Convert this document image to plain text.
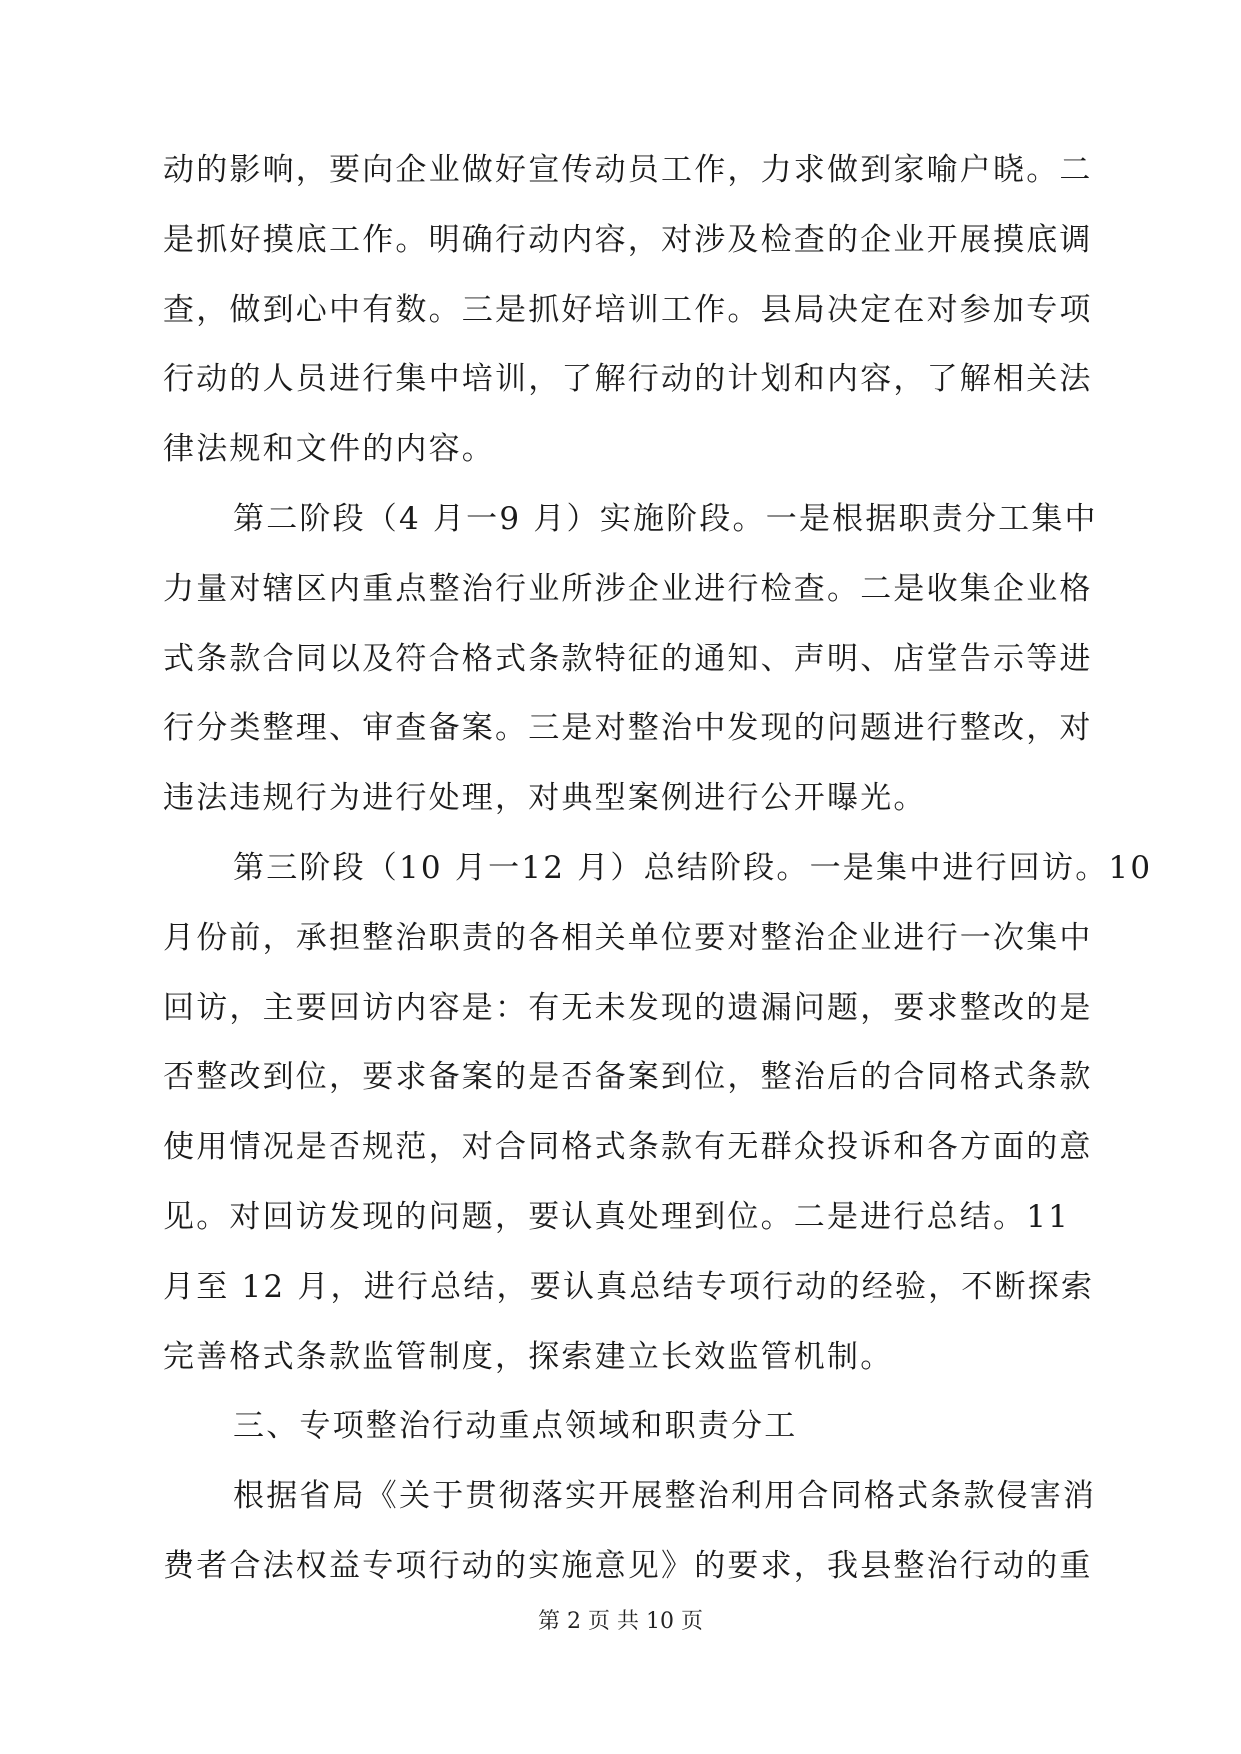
动的影响，要向企业做好宣传动员工作，力求做到家喻户晓。二
是抓好摸底工作。明确行动内容，对涉及检查的企业开展摸底调
查，做到心中有数。三是抓好培训工作。县局决定在对参加专项
行动的人员进行集中培训，了解行动的计划和内容，了解相关法
律法规和文件的内容。
第二阶段（4 月一9 月）实施阶段。一是根据职责分工集中
力量对辖区内重点整治行业所涉企业进行检查。二是收集企业格
式条款合同以及符合格式条款特征的通知、声明、店堂告示等进
行分类整理、审查备案。三是对整治中发现的问题进行整改，对
违法违规行为进行处理，对典型案例进行公开曝光。
第三阶段（10 月一12 月）总结阶段。一是集中进行回访。10
月份前，承担整治职责的各相关单位要对整治企业进行一次集中
回访，主要回访内容是：有无未发现的遗漏问题，要求整改的是
否整改到位，要求备案的是否备案到位，整治后的合同格式条款
使用情况是否规范，对合同格式条款有无群众投诉和各方面的意
见。对回访发现的问题，要认真处理到位。二是进行总结。11
月至 12 月，进行总结，要认真总结专项行动的经验，不断探索
完善格式条款监管制度，探索建立长效监管机制。
三、专项整治行动重点领域和职责分工
根据省局《关于贯彻落实开展整治利用合同格式条款侵害消
费者合法权益专项行动的实施意见》的要求，我县整治行动的重
第 2 页 共 10 页
